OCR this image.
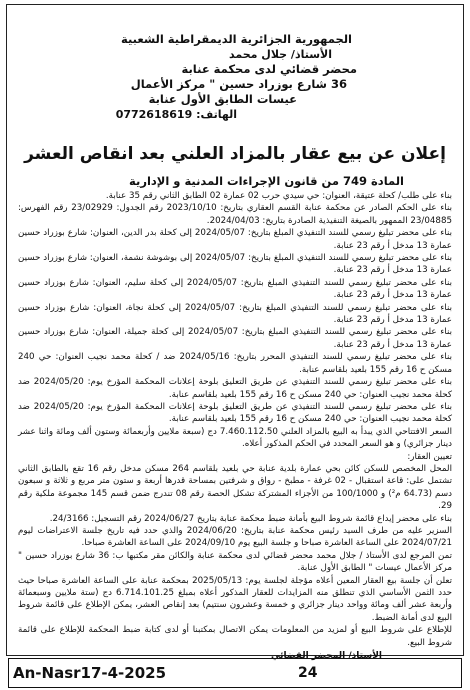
الجمهورية الجزائرية الديمقراطية الشعبية
الأستاذ/ جلال محمد
محضر قضائي لدى محكمة عنابة
36 شارع بوزراد حسين " مركز الأعمال
عيسات الطابق الأول عنابة
الهاتف: 0772618619
إعلان عن بيع عقار بالمزاد العلني بعد انقاص العشر
المادة 749 من قانون الإجراءات المدنية و الإدارية

بناء على طلب/ كحلة عتيقة، العنوان: حي سيدي حرب 02 عمارة 02 الطابق الثاني رقم 35 عنابة.

بناء على الحكم الصادر عن محكمة عنابة القسم العقاري بتاريخ: 2023/10/10 رقم الجدول: 23/02929 رقم الفهرس: 23/04885 الممهور بالصيغة التنفيذية الصادرة بتاريخ: 2024/04/03.

بناء على محضر تبليغ رسمي للسند التنفيذي المبلغ بتاريخ: 2024/05/07 إلى كحلة بدر الدين، العنوان: شارع بوزراد حسين عمارة 13 مدخل أ رقم 23 عنابة.

بناء على محضر تبليغ رسمي للسند التنفيذي المبلغ بتاريخ: 2024/05/07 إلى بوشوشة نشمة، العنوان: شارع بوزراد حسين عمارة 13 مدخل أ رقم 23 عنابة.

بناء على محضر تبليغ رسمي للسند التنفيذي المبلغ بتاريخ: 2024/05/07 إلى كحلة سليم، العنوان: شارع بوزراد حسين عمارة 13 مدخل أ رقم 23 عنابة.

بناء على محضر تبليغ رسمي للسند التنفيذي المبلغ بتاريخ: 2024/05/07 إلى كحلة نجاة، العنوان: شارع بوزراد حسين عمارة 13 مدخل أ رقم 23 عنابة.

بناء على محضر تبليغ رسمي للسند التنفيذي المبلغ بتاريخ: 2024/05/07 إلى كحلة جميلة، العنوان: شارع بوزراد حسين عمارة 13 مدخل أ رقم 23 عنابة.

بناء على محضر تبليغ رسمي للسند التنفيذي المحرر بتاريخ: 2024/05/16 ضد / كحلة محمد نجيب العنوان: حي 240 مسكن ح 16 رقم 155 بلعيد بلقاسم عنابة.

بناء على محضر تبليغ رسمي للسند التنفيذي عن طريق التعليق بلوحة إعلانات المحكمة المؤرخ يوم: 2024/05/20 ضد كحلة محمد نجيب العنوان: حي 240 مسكن ح 16 رقم 155 بلعيد بلقاسم عنابة.

بناء على محضر تبليغ رسمي للسند التنفيذي عن طريق التعليق بلوحة إعلانات المحكمة المؤرخ يوم: 2024/05/20 ضد كحلة محمد نجيب العنوان: حي 240 مسكن ح 16 رقم 155 بلعيد بلقاسم عنابة.

السعر الافتتاحي الذي يبدأ به البيع بالمزاد العلني 7.460.112.50 دج (سبعة ملايين وأربعمائة وستون ألف ومائة واثنا عشر دينار جزائري) و هو السعر المحدد في الحكم المذكور أعلاه.

تعيين العقار:

المحل المخصص للسكن كائن بحي عمارة بلدية عنابة حي بلعيد بلقاسم 264 مسكن مدخل رقم 16 تقع بالطابق الثاني تشتمل على: قاعة استقبال - 02 غرفة - مطبخ - رواق و شرفتين بمساحة قدرها أربعة و ستون متر مربع و ثلاثة و سبعون دسم (64.73 م²) و 100/1000 من الأجزاء المشتركة تشكل الحصة رقم 08 تندرج ضمن قسم 145 مجموعة ملكية رقم 29.

بناء على محضر إيداع قائمة شروط البيع بأمانة ضبط محكمة عنابة بتاريخ 2024/06/27 رقم التسجيل: 24/3166.

السزير عليه من طرف السيد رئيس محكمة عنابة بتاريخ: 2024/06/20 والذي حدد فيه تاريخ جلسة الاعتراضات ليوم 2024/07/21 على الساعة العاشرة صباحا و جلسة البيع يوم 2024/09/10 على الساعة العاشرة صباحا.

تمن المرجع لدى الأستاذ / جلال محمد محضر قضائي لدى محكمة عنابة والكائن مقر مكتبها ب: 36 شارع بوزراد حسين " مركز الأعمال عيسات " الطابق الأول عنابة.

تعلن أن جلسة بيع العقار المعين أعلاه مؤجلة لجلسة يوم: 2025/05/13 بمحكمة عنابة على الساعة العاشرة صباحا حيث حدد الثمن الأساسي الذي تنطلق منه المزايدات للعقار المذكور أعلاه بمبلغ 6.714.101.25 دج (ستة ملايين وسبعمائة وأربعة عشر ألف ومائة وواحد دينار جزائري و خمسة وعشرون سنتيم) بعد إنقاص العشر، يمكن الإطلاع على قائمة شروط البيع لدى أمانة الضبط.

للإطلاع على شروط البيع أو لمزيد من المعلومات يمكن الاتصال بمكتبنا أو لدى كتابة ضبط المحكمة للإطلاع على قائمة شروط البيع.

الأستاذ/ المحضر القضائي
An-Nasr17-4-2025	24
